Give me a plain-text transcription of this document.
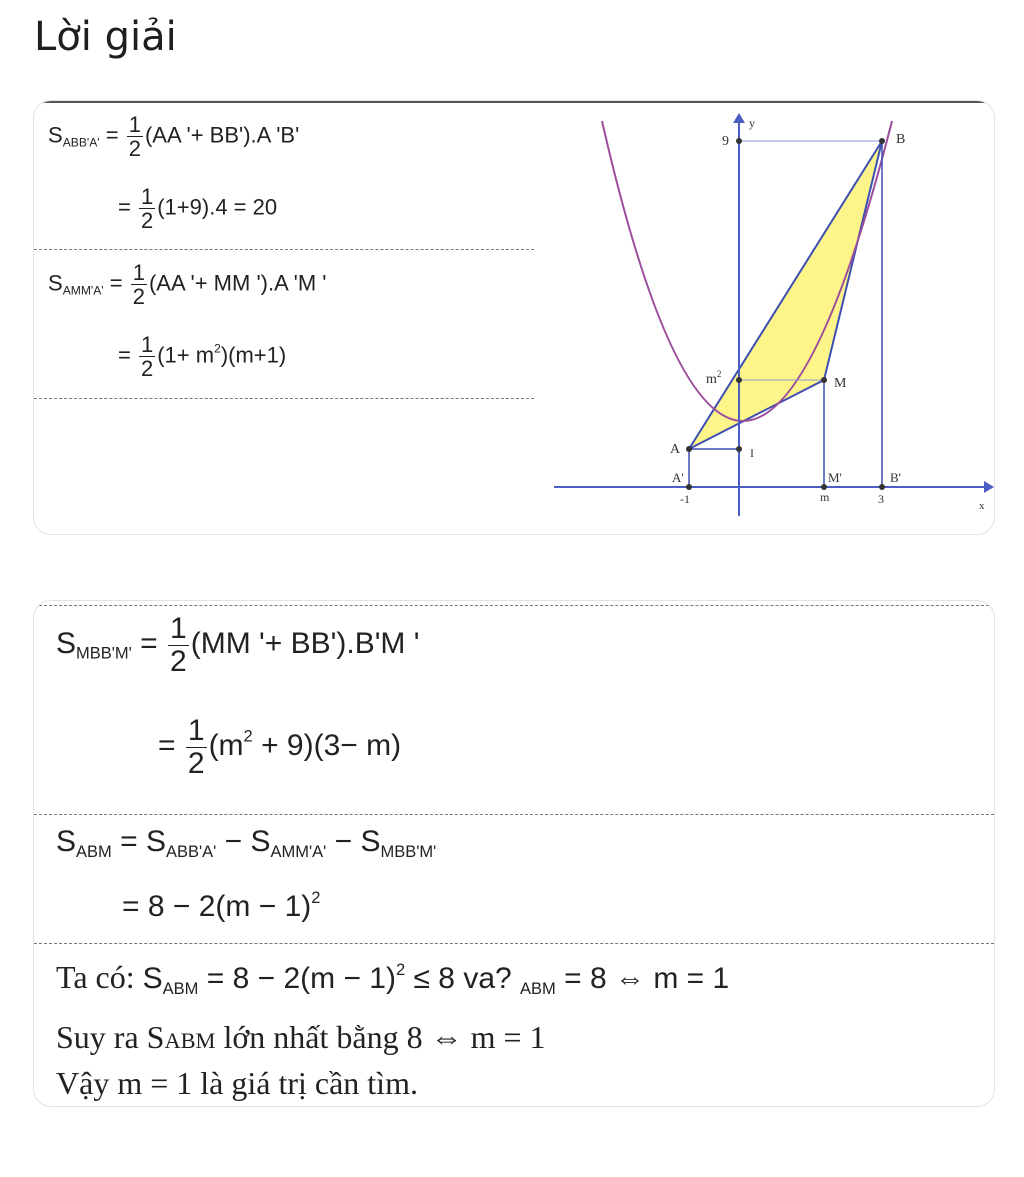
Lời giải
$S_{ABB'A'} = \frac{1}{2} (AA$ '+ BB').A 'B'
= $\frac{1}{2} (1+9).4 = 20$
$S_{AMM'A'} = \frac{1}{2} (AA$ '+ MM ').A 'M '
= $\frac{1}{2} (1+ m^2)(m+1)$
y
9	B
$m^2$
M
A	I
A'	M'	B'
-1	m	3	x
$S_{MBB'M'} = \frac{1}{2} (MM$ '+ BB').B'M '
= $\frac{1}{2} (m^2 + 9)(3- m)$
$S_{ABM} = S_{ABB'A'} - S_{AMM'A'} - S_{MBB'M'}$
= $8 - 2(m - 1)^2$
Ta có: $S_{ABM} = 8 - 2(m - 1)^2 \le 8$ va? $_{ABM}$ = 8 ⇔ m = 1
Suy ra SABM lớn nhất bằng 8 ⇔ m = 1
Vậy m = 1 là giá trị cần tìm.
